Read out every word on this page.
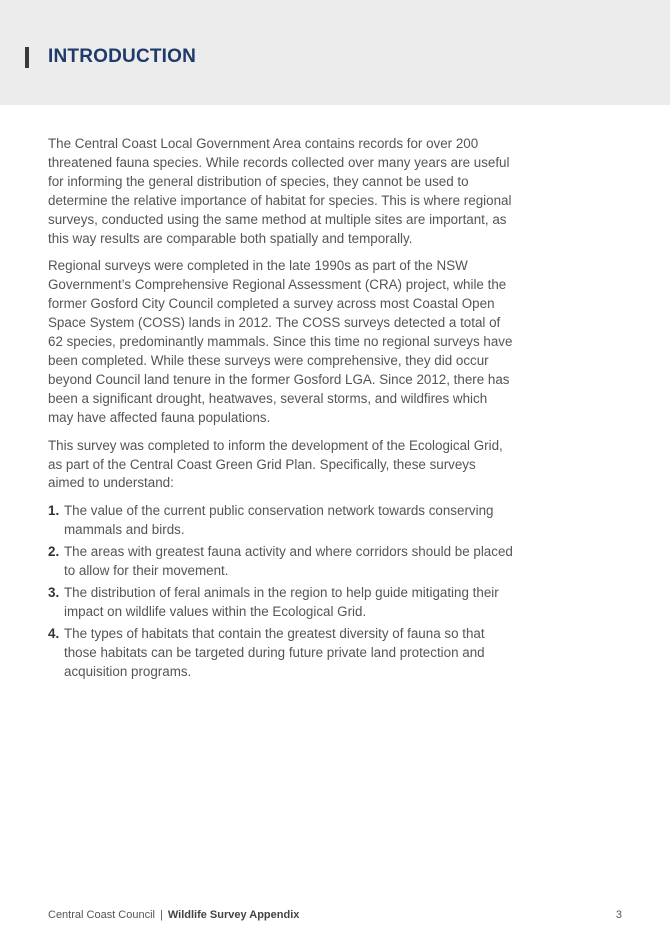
INTRODUCTION

The Central Coast Local Government Area contains records for over 200 threatened fauna species. While records collected over many years are useful for informing the general distribution of species, they cannot be used to determine the relative importance of habitat for species. This is where regional surveys, conducted using the same method at multiple sites are important, as this way results are comparable both spatially and temporally.

Regional surveys were completed in the late 1990s as part of the NSW Government’s Comprehensive Regional Assessment (CRA) project, while the former Gosford City Council completed a survey across most Coastal Open Space System (COSS) lands in 2012. The COSS surveys detected a total of 62 species, predominantly mammals. Since this time no regional surveys have been completed. While these surveys were comprehensive, they did occur beyond Council land tenure in the former Gosford LGA. Since 2012, there has been a significant drought, heatwaves, several storms, and wildfires which may have affected fauna populations.

This survey was completed to inform the development of the Ecological Grid, as part of the Central Coast Green Grid Plan. Specifically, these surveys aimed to understand:

1. The value of the current public conservation network towards conserving mammals and birds.
2. The areas with greatest fauna activity and where corridors should be placed to allow for their movement.
3. The distribution of feral animals in the region to help guide mitigating their impact on wildlife values within the Ecological Grid.
4. The types of habitats that contain the greatest diversity of fauna so that those habitats can be targeted during future private land protection and acquisition programs.
Central Coast Council | Wildlife Survey Appendix	3
